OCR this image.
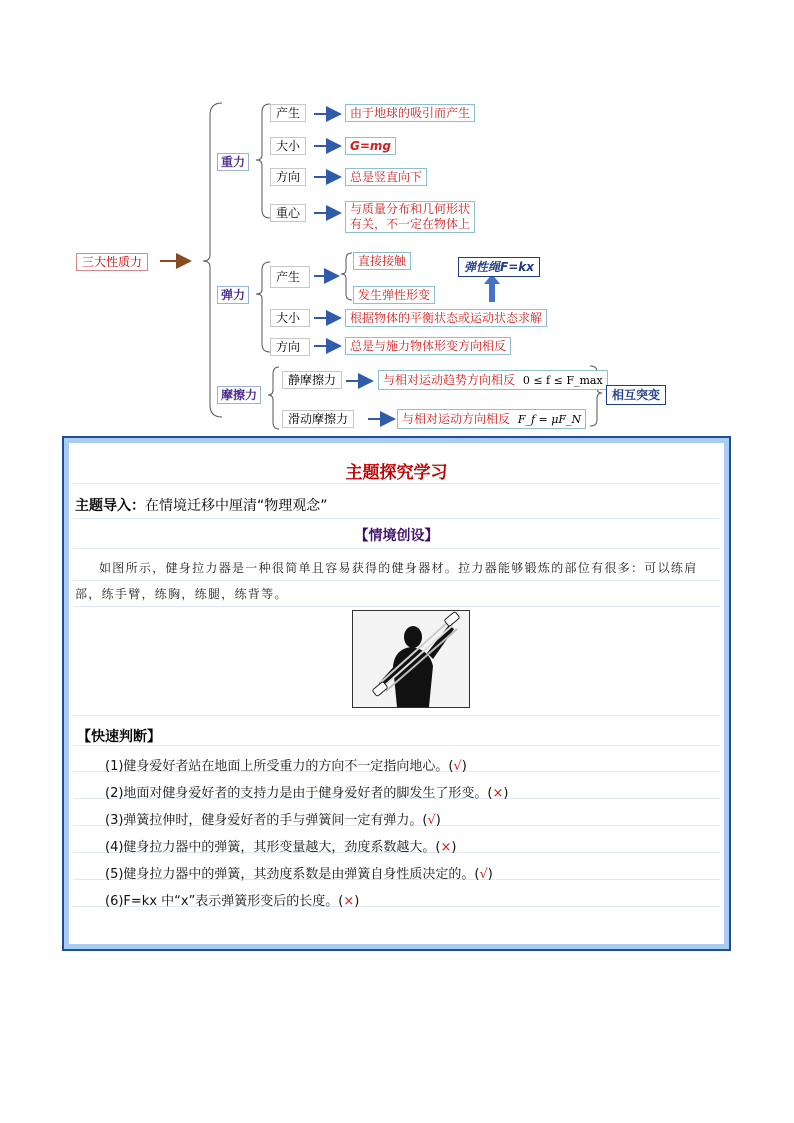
三大性质力
重力
产生	由于地球的吸引而产生
大小	G=mg
方向	总是竖直向下
重心	与质量分布和几何形状
有关，不一定在物体上
弹力
产生
直接接触
发生弹性形变
弹性绳F=kx
大小	根据物体的平衡状态或运动状态求解
方向	总是与施力物体形变方向相反
摩擦力
静摩擦力	与相对运动趋势方向相反 0 ≤ f ≤ F_max
滑动摩擦力	与相对运动方向相反 F_f = μF_N
相互突变
主题探究学习
主题导入：在情境迁移中厘清“物理观念”
【情境创设】
如图所示，健身拉力器是一种很简单且容易获得的健身器材。拉力器能够锻炼的部位有很多：可以练肩部，练手臂，练胸，练腿，练背等。
【快速判断】
(1)健身爱好者站在地面上所受重力的方向不一定指向地心。(√)
(2)地面对健身爱好者的支持力是由于健身爱好者的脚发生了形变。(×)
(3)弹簧拉伸时，健身爱好者的手与弹簧间一定有弹力。(√)
(4)健身拉力器中的弹簧，其形变量越大，劲度系数越大。(×)
(5)健身拉力器中的弹簧，其劲度系数是由弹簧自身性质决定的。(√)
(6)F=kx 中“x”表示弹簧形变后的长度。(×)
